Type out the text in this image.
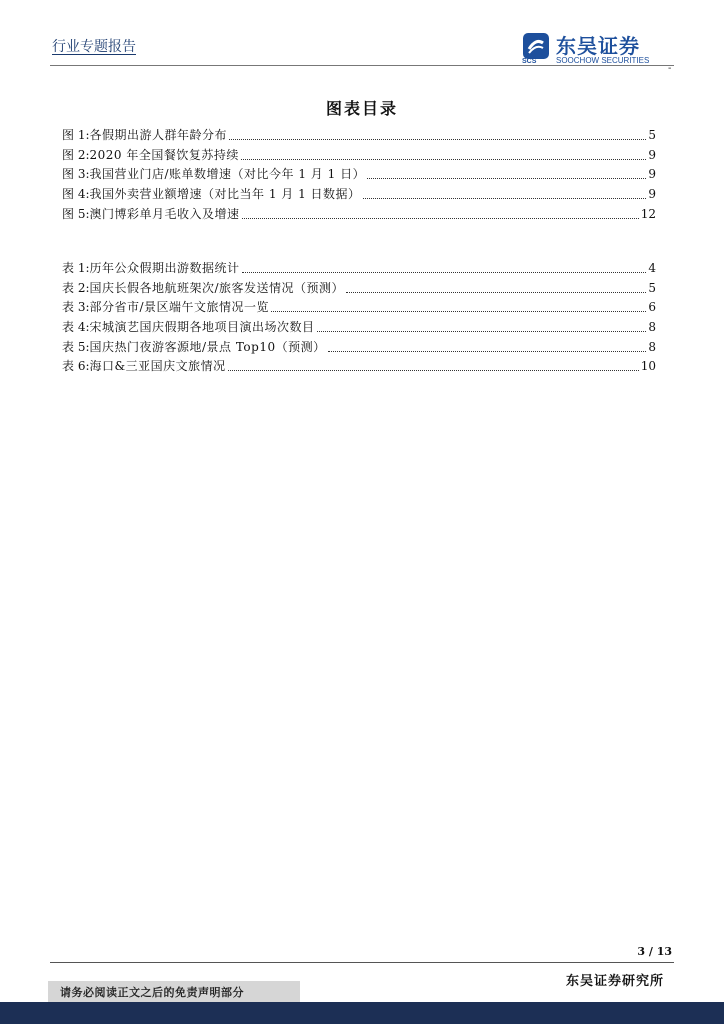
行业专题报告	东吴证券
SCS SOOCHOW SECURITIES
-
图表目录
图 1: 各假期出游人群年龄分布	5
图 2: 2020 年全国餐饮复苏持续	9
图 3: 我国营业门店/账单数增速（对比今年 1 月 1 日）	9
图 4: 我国外卖营业额增速（对比当年 1 月 1 日数据）	9
图 5: 澳门博彩单月毛收入及增速	12
表 1: 历年公众假期出游数据统计	4
表 2: 国庆长假各地航班架次/旅客发送情况（预测）	5
表 3: 部分省市/景区端午文旅情况一览	6
表 4: 宋城演艺国庆假期各地项目演出场次数目	8
表 5: 国庆热门夜游客源地/景点 Top10（预测）	8
表 6: 海口&三亚国庆文旅情况	10
3 / 13
东吴证券研究所
请务必阅读正文之后的免责声明部分
